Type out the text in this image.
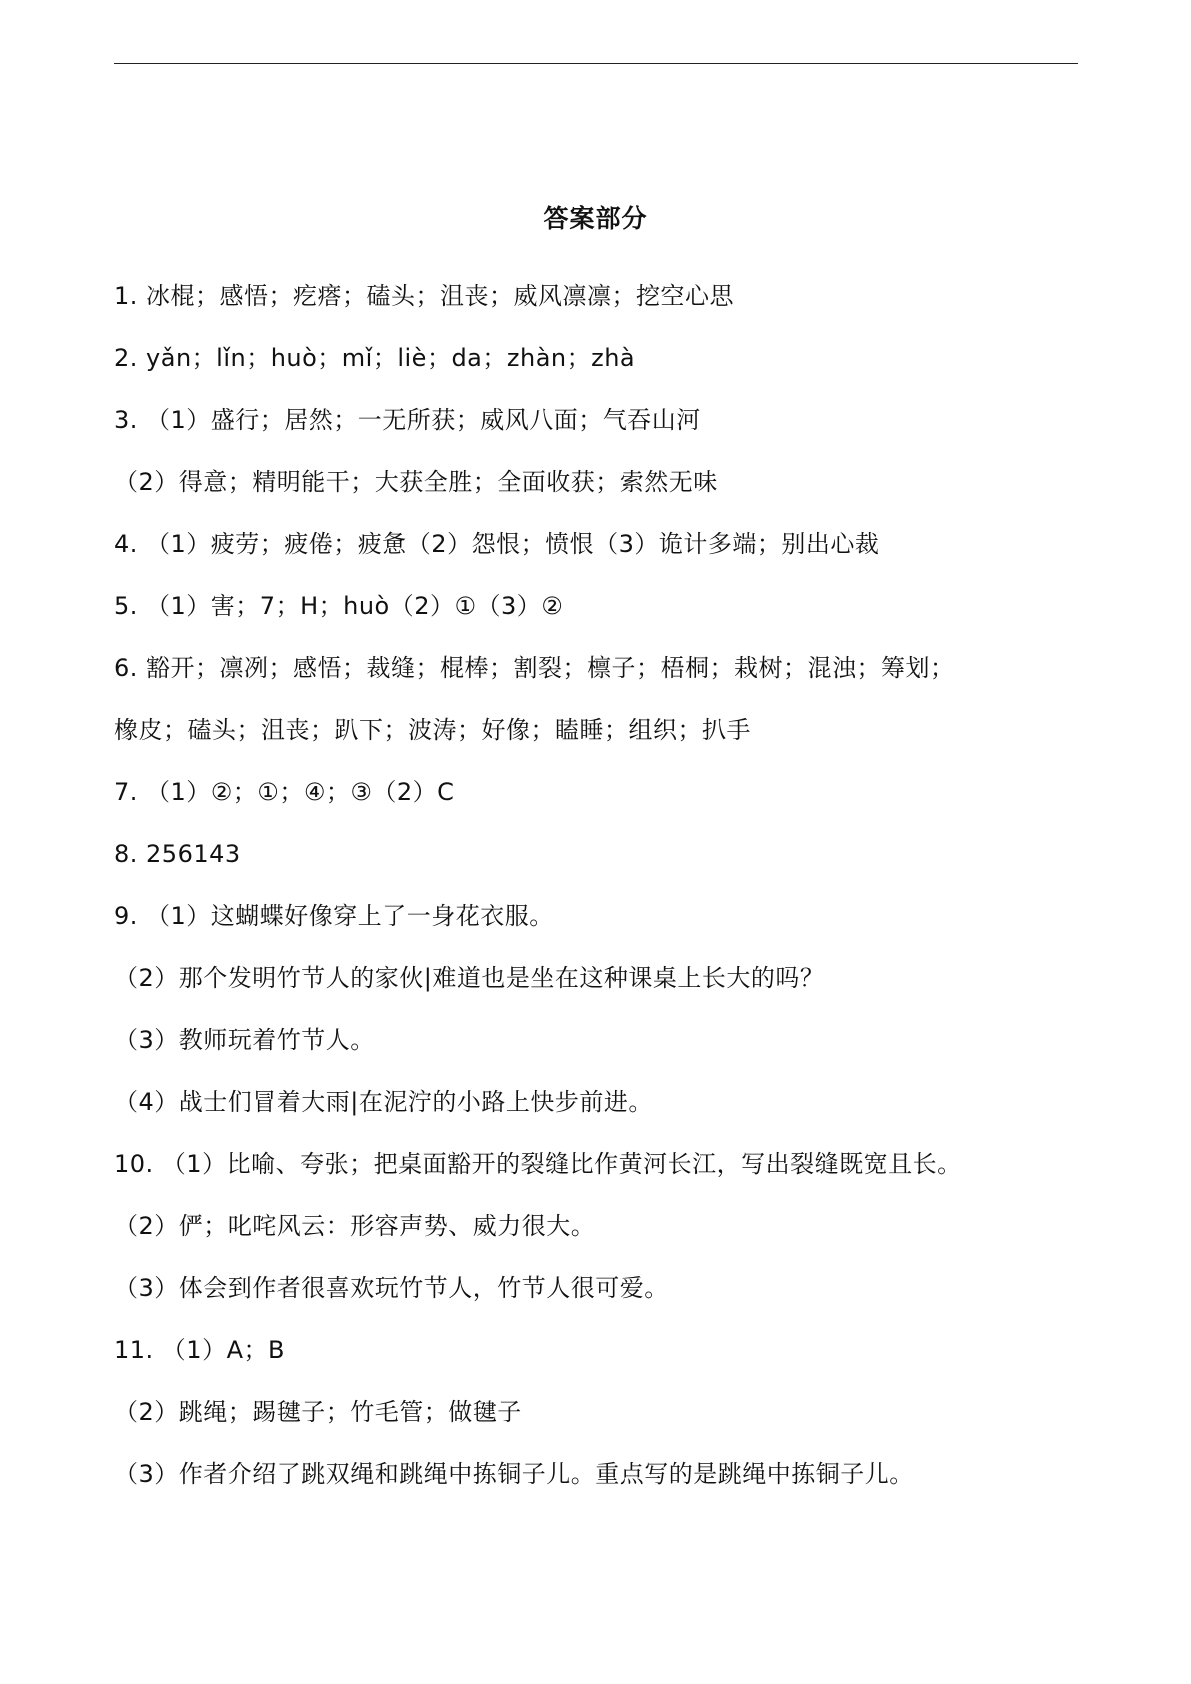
答案部分
1. 冰棍；感悟；疙瘩；磕头；沮丧；威风凛凛；挖空心思
2. yǎn；lǐn；huò；mǐ；liè；da；zhàn；zhà
3. （1）盛行；居然；一无所获；威风八面；气吞山河
（2）得意；精明能干；大获全胜；全面收获；索然无味
4. （1）疲劳；疲倦；疲惫（2）怨恨；愤恨（3）诡计多端；别出心裁
5. （1）害；7；H；huò（2）①（3）②
6. 豁开；凛冽；感悟；裁缝；棍棒；割裂；檩子；梧桐；栽树；混浊；筹划；
橡皮；磕头；沮丧；趴下；波涛；好像；瞌睡；组织；扒手
7. （1）②；①；④；③（2）C
8. 256143
9. （1）这蝴蝶好像穿上了一身花衣服。
（2）那个发明竹节人的家伙|难道也是坐在这种课桌上长大的吗？
（3）教师玩着竹节人。
（4）战士们冒着大雨|在泥泞的小路上快步前进。
10. （1）比喻、夸张；把桌面豁开的裂缝比作黄河长江，写出裂缝既宽且长。
（2）俨；叱咤风云：形容声势、威力很大。
（3）体会到作者很喜欢玩竹节人，竹节人很可爱。
11. （1）A；B
（2）跳绳；踢毽子；竹毛管；做毽子
（3）作者介绍了跳双绳和跳绳中拣铜子儿。重点写的是跳绳中拣铜子儿。
